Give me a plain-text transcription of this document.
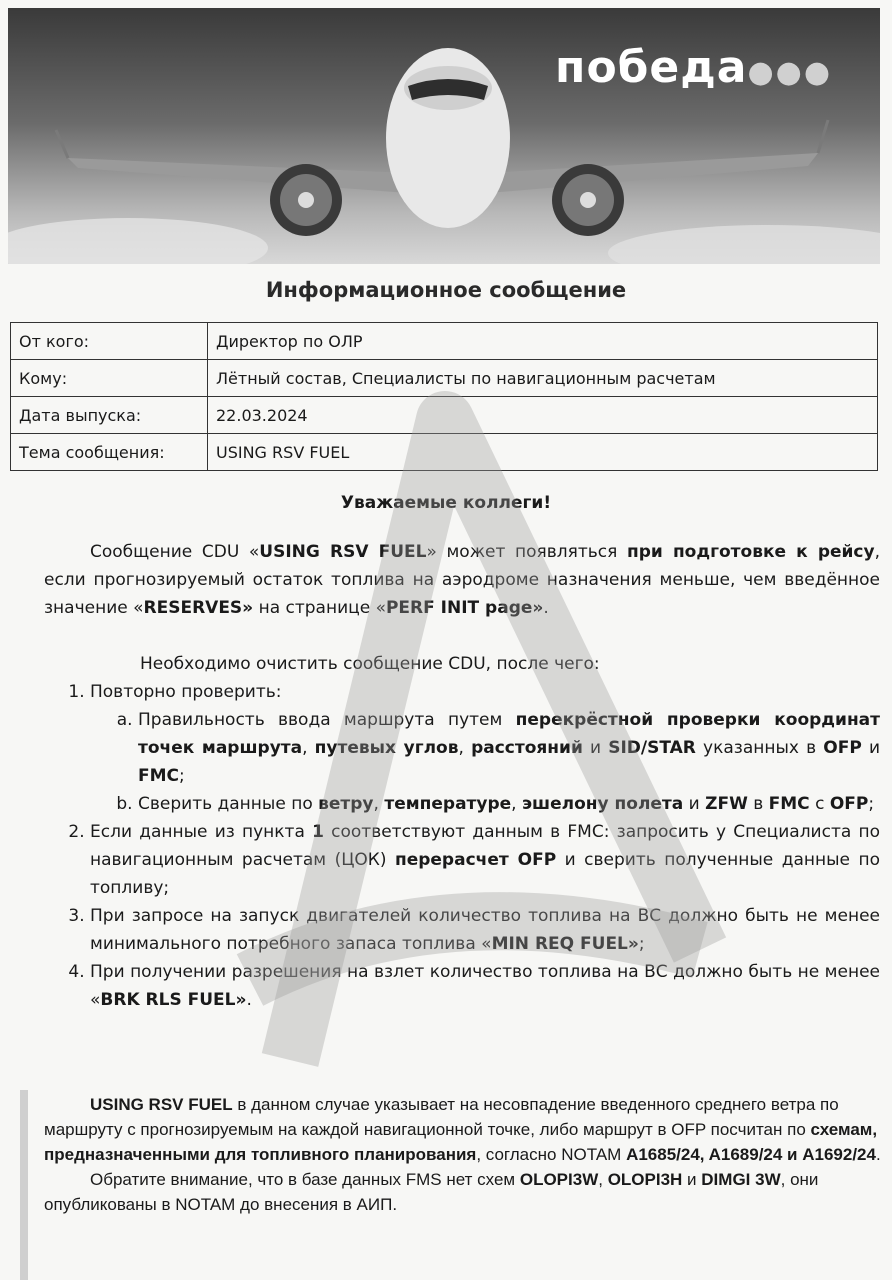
победа●●●
Информационное сообщение
От кого:	Директор по ОЛР
Кому:	Лётный состав, Специалисты по навигационным расчетам
Дата выпуска:	22.03.2024
Тема сообщения:	USING RSV FUEL
Уважаемые коллеги!

Сообщение CDU «USING RSV FUEL» может появляться при подготовке к рейсу, если прогнозируемый остаток топлива на аэродроме назначения меньше, чем введённое значение «RESERVES» на странице «PERF INIT page».

Необходимо очистить сообщение CDU, после чего:

1. Повторно проверить:
a. Правильность ввода маршрута путем перекрёстной проверки координат точек маршрута, путевых углов, расстояний и SID/STAR указанных в OFP и FMC;
b. Сверить данные по ветру, температуре, эшелону полета и ZFW в FMC с OFP;
2. Если данные из пункта 1 соответствуют данным в FMC: запросить у Специалиста по навигационным расчетам (ЦОК) перерасчет OFP и сверить полученные данные по топливу;
3. При запросе на запуск двигателей количество топлива на ВС должно быть не менее минимального потребного запаса топлива «MIN REQ FUEL»;
4. При получении разрешения на взлет количество топлива на ВС должно быть не менее «BRK RLS FUEL».

USING RSV FUEL в данном случае указывает на несовпадение введенного среднего ветра по маршруту с прогнозируемым на каждой навигационной точке, либо маршрут в OFP посчитан по схемам, предназначенными для топливного планирования, согласно NOTAM A1685/24, A1689/24 и A1692/24.

Обратите внимание, что в базе данных FMS нет схем OLOPI3W, OLOPI3H и DIMGI 3W, они опубликованы в NOTAM до внесения в АИП.
